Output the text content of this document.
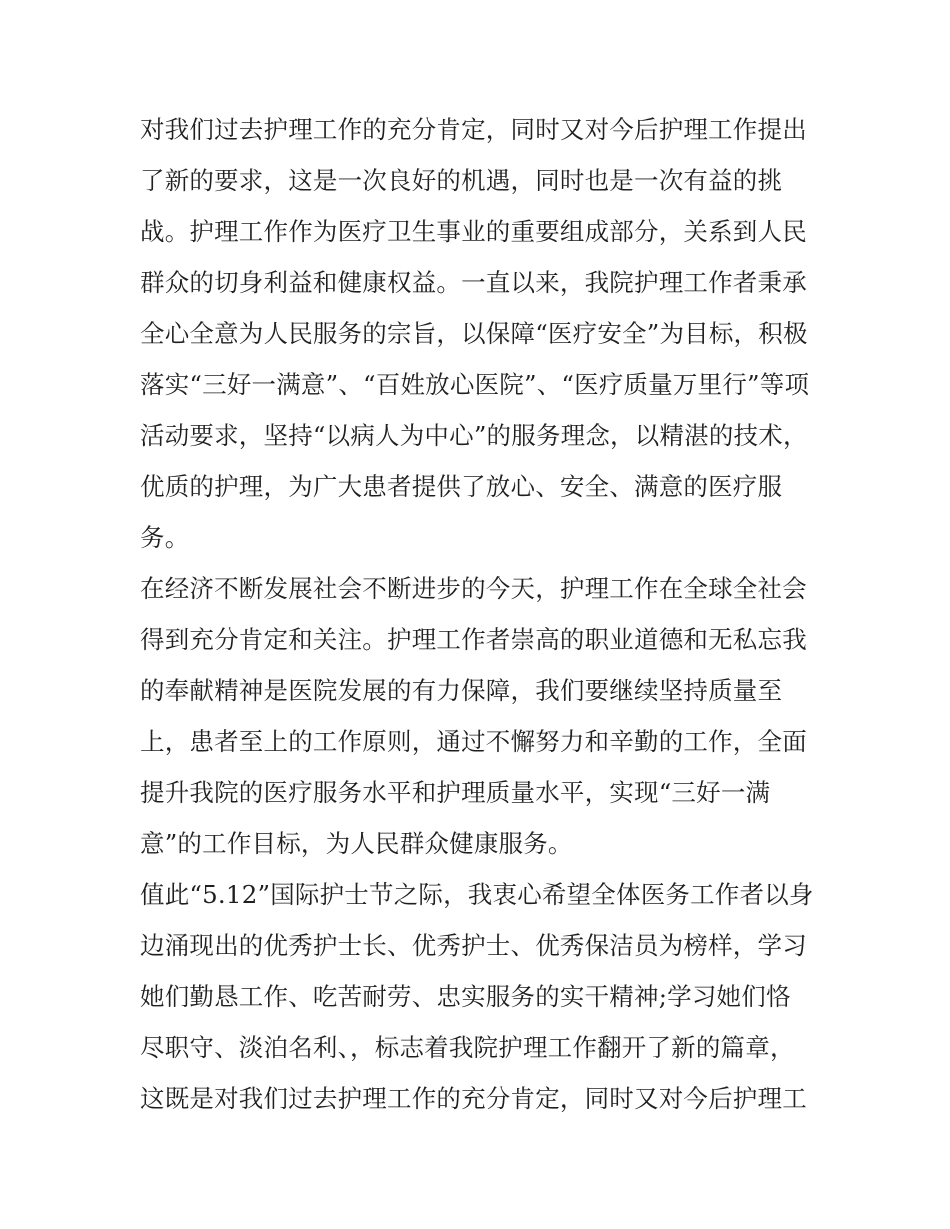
对我们过去护理工作的充分肯定，同时又对今后护理工作提出
了新的要求，这是一次良好的机遇，同时也是一次有益的挑
战。护理工作作为医疗卫生事业的重要组成部分，关系到人民
群众的切身利益和健康权益。一直以来，我院护理工作者秉承
全心全意为人民服务的宗旨，以保障“医疗安全”为目标，积极
落实“三好一满意”、“百姓放心医院”、“医疗质量万里行”等项
活动要求，坚持“以病人为中心”的服务理念，以精湛的技术，
优质的护理，为广大患者提供了放心、安全、满意的医疗服
务。
在经济不断发展社会不断进步的今天，护理工作在全球全社会
得到充分肯定和关注。护理工作者崇高的职业道德和无私忘我
的奉献精神是医院发展的有力保障，我们要继续坚持质量至
上，患者至上的工作原则，通过不懈努力和辛勤的工作，全面
提升我院的医疗服务水平和护理质量水平，实现“三好一满
意”的工作目标，为人民群众健康服务。
值此“5.12”国际护士节之际，我衷心希望全体医务工作者以身
边涌现出的优秀护士长、优秀护士、优秀保洁员为榜样，学习
她们勤恳工作、吃苦耐劳、忠实服务的实干精神;学习她们恪
尽职守、淡泊名利、，标志着我院护理工作翻开了新的篇章，
这既是对我们过去护理工作的充分肯定，同时又对今后护理工
